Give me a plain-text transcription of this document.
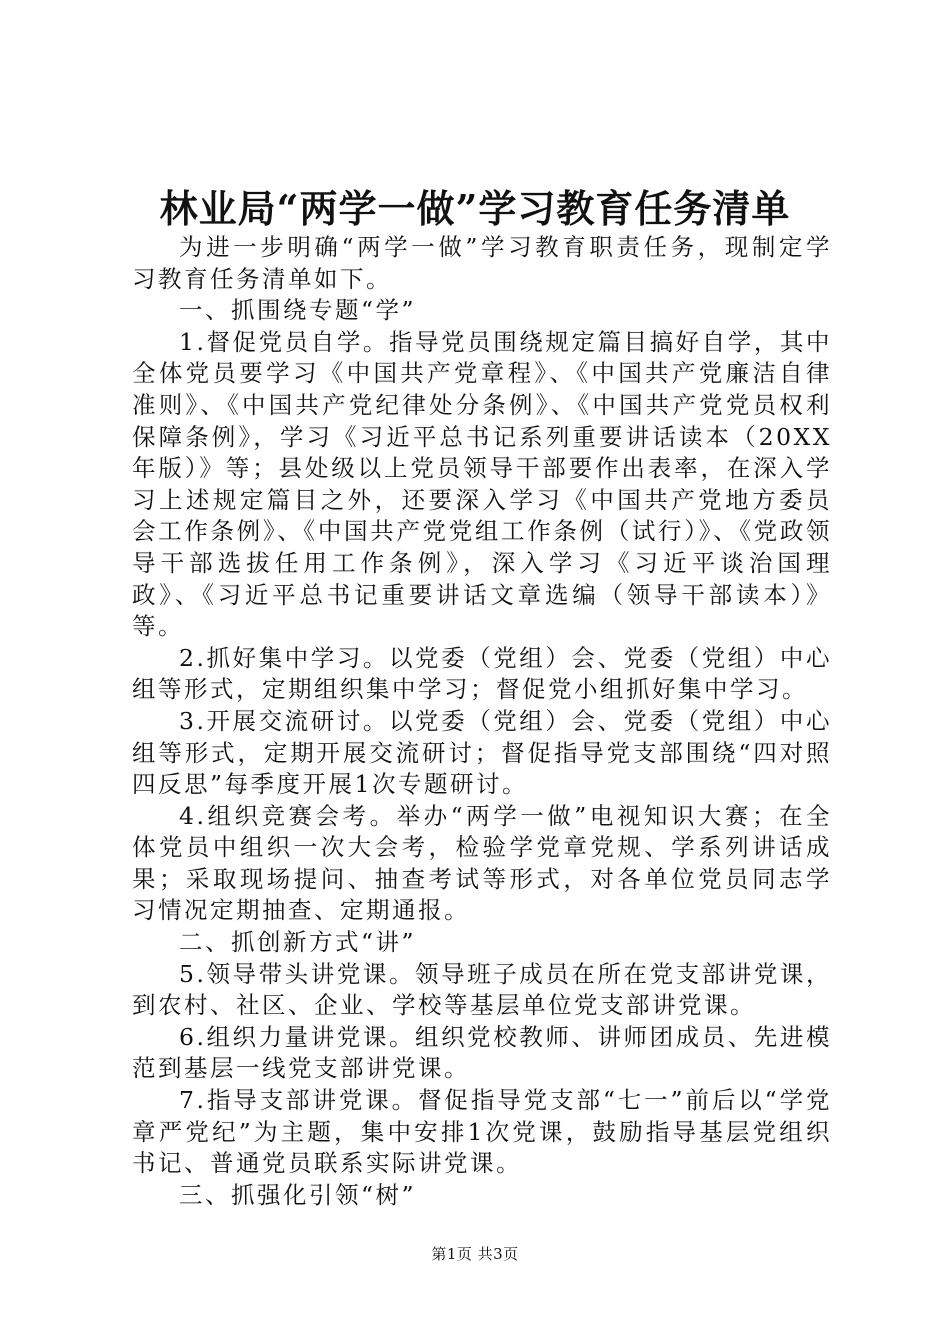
林业局“两学一做”学习教育任务清单

为进一步明确“两学一做”学习教育职责任务，现制定学习教育任务清单如下。

一、抓围绕专题“学”

1.督促党员自学。指导党员围绕规定篇目搞好自学，其中全体党员要学习《中国共产党章程》、《中国共产党廉洁自律准则》、《中国共产党纪律处分条例》、《中国共产党党员权利保障条例》，学习《习近平总书记系列重要讲话读本（20XX年版）》等；县处级以上党员领导干部要作出表率，在深入学习上述规定篇目之外，还要深入学习《中国共产党地方委员会工作条例》、《中国共产党党组工作条例（试行）》、《党政领导干部选拔任用工作条例》，深入学习《习近平谈治国理政》、《习近平总书记重要讲话文章选编（领导干部读本）》等。

2.抓好集中学习。以党委（党组）会、党委（党组）中心组等形式，定期组织集中学习；督促党小组抓好集中学习。

3.开展交流研讨。以党委（党组）会、党委（党组）中心组等形式，定期开展交流研讨；督促指导党支部围绕“四对照四反思”每季度开展1次专题研讨。

4.组织竞赛会考。举办“两学一做”电视知识大赛；在全体党员中组织一次大会考，检验学党章党规、学系列讲话成果；采取现场提问、抽查考试等形式，对各单位党员同志学习情况定期抽查、定期通报。

二、抓创新方式“讲”

5.领导带头讲党课。领导班子成员在所在党支部讲党课，到农村、社区、企业、学校等基层单位党支部讲党课。

6.组织力量讲党课。组织党校教师、讲师团成员、先进模范到基层一线党支部讲党课。

7.指导支部讲党课。督促指导党支部“七一”前后以“学党章严党纪”为主题，集中安排1次党课，鼓励指导基层党组织书记、普通党员联系实际讲党课。

三、抓强化引领“树”

第1页 共3页
